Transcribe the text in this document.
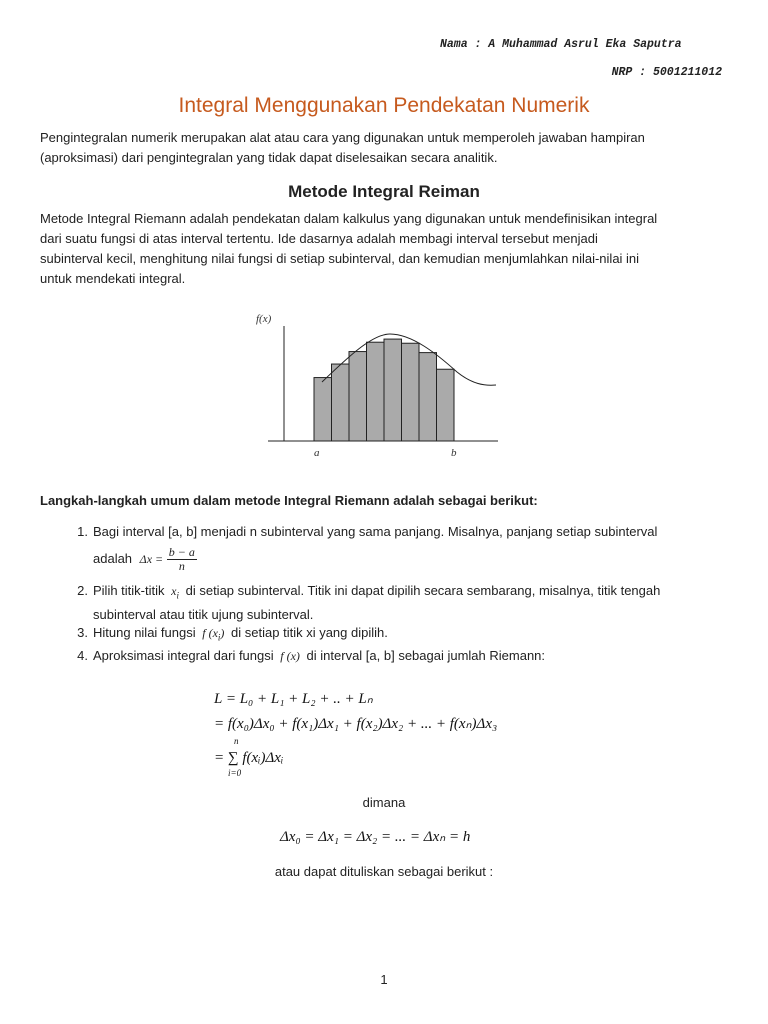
Nama : A Muhammad Asrul Eka Saputra
NRP : 5001211012
Integral Menggunakan Pendekatan Numerik
Pengintegralan numerik merupakan alat atau cara yang digunakan untuk memperoleh jawaban hampiran
(aproksimasi) dari pengintegralan yang tidak dapat diselesaikan secara analitik.
Metode Integral Reiman
Metode Integral Riemann adalah pendekatan dalam kalkulus yang digunakan untuk mendefinisikan integral
dari suatu fungsi di atas interval tertentu. Ide dasarnya adalah membagi interval tersebut menjadi
subinterval kecil, menghitung nilai fungsi di setiap subinterval, dan kemudian menjumlahkan nilai-nilai ini
untuk mendekati integral.
f(x)
a	b
Langkah-langkah umum dalam metode Integral Riemann adalah sebagai berikut:
1. Bagi interval [a, b] menjadi n subinterval yang sama panjang. Misalnya, panjang setiap subinterval
adalah $\Delta x = \frac{b - a}{n}$
2. Pilih titik-titik $x_i$ di setiap subinterval. Titik ini dapat dipilih secara sembarang, misalnya, titik tengah
subinterval atau titik ujung subinterval.
3. Hitung nilai fungsi f $(x_i)$ di setiap titik xi yang dipilih.
4. Aproksimasi integral dari fungsi f (x) di interval [a, b] sebagai jumlah Riemann:
L = L₀ + L₁ + L₂ + .. + Lₙ
= f(x₀)Δx₀ + f(x₁)Δx₁ + f(x₂)Δx₂ + ... + f(xₙ)Δx₃
n
= ∑ f(xᵢ)Δxᵢ
i=0
dimana
Δx₀ = Δx₁ = Δx₂ = ... = Δxₙ = h
atau dapat dituliskan sebagai berikut :
1
